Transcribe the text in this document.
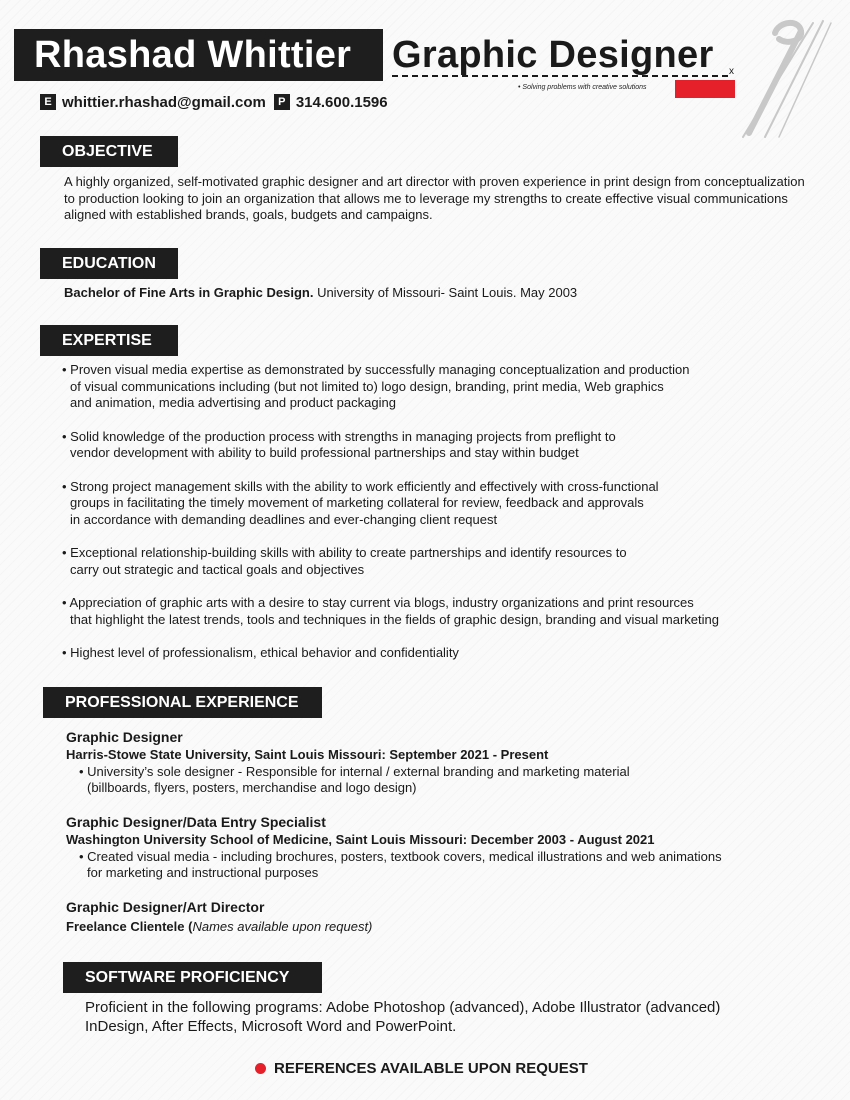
Rhashad Whittier Graphic Designer x
• Solving problems with creative solutions
E whittier.rhashad@gmail.com	P 314.600.1596
OBJECTIVE
A highly organized, self-motivated graphic designer and art director with proven experience in print design from conceptualization
to production looking to join an organization that allows me to leverage my strengths to create effective visual communications
aligned with established brands, goals, budgets and campaigns.
EDUCATION
Bachelor of Fine Arts in Graphic Design. University of Missouri- Saint Louis. May 2003
EXPERTISE
• Proven visual media expertise as demonstrated by successfully managing conceptualization and production
of visual communications including (but not limited to) logo design, branding, print media, Web graphics
and animation, media advertising and product packaging
• Solid knowledge of the production process with strengths in managing projects from preflight to
vendor development with ability to build professional partnerships and stay within budget
• Strong project management skills with the ability to work efficiently and effectively with cross-functional
groups in facilitating the timely movement of marketing collateral for review, feedback and approvals
in accordance with demanding deadlines and ever-changing client request
• Exceptional relationship-building skills with ability to create partnerships and identify resources to
carry out strategic and tactical goals and objectives
• Appreciation of graphic arts with a desire to stay current via blogs, industry organizations and print resources
that highlight the latest trends, tools and techniques in the fields of graphic design, branding and visual marketing
• Highest level of professionalism, ethical behavior and confidentiality
PROFESSIONAL EXPERIENCE
Graphic Designer
Harris-Stowe State University, Saint Louis Missouri: September 2021 - Present
• University’s sole designer - Responsible for internal / external branding and marketing material
(billboards, flyers, posters, merchandise and logo design)
Graphic Designer/Data Entry Specialist
Washington University School of Medicine, Saint Louis Missouri: December 2003 - August 2021
• Created visual media - including brochures, posters, textbook covers, medical illustrations and web animations
for marketing and instructional purposes
Graphic Designer/Art Director
Freelance Clientele (Names available upon request)
SOFTWARE PROFICIENCY
Proficient in the following programs: Adobe Photoshop (advanced), Adobe Illustrator (advanced)
InDesign, After Effects, Microsoft Word and PowerPoint.
REFERENCES AVAILABLE UPON REQUEST
